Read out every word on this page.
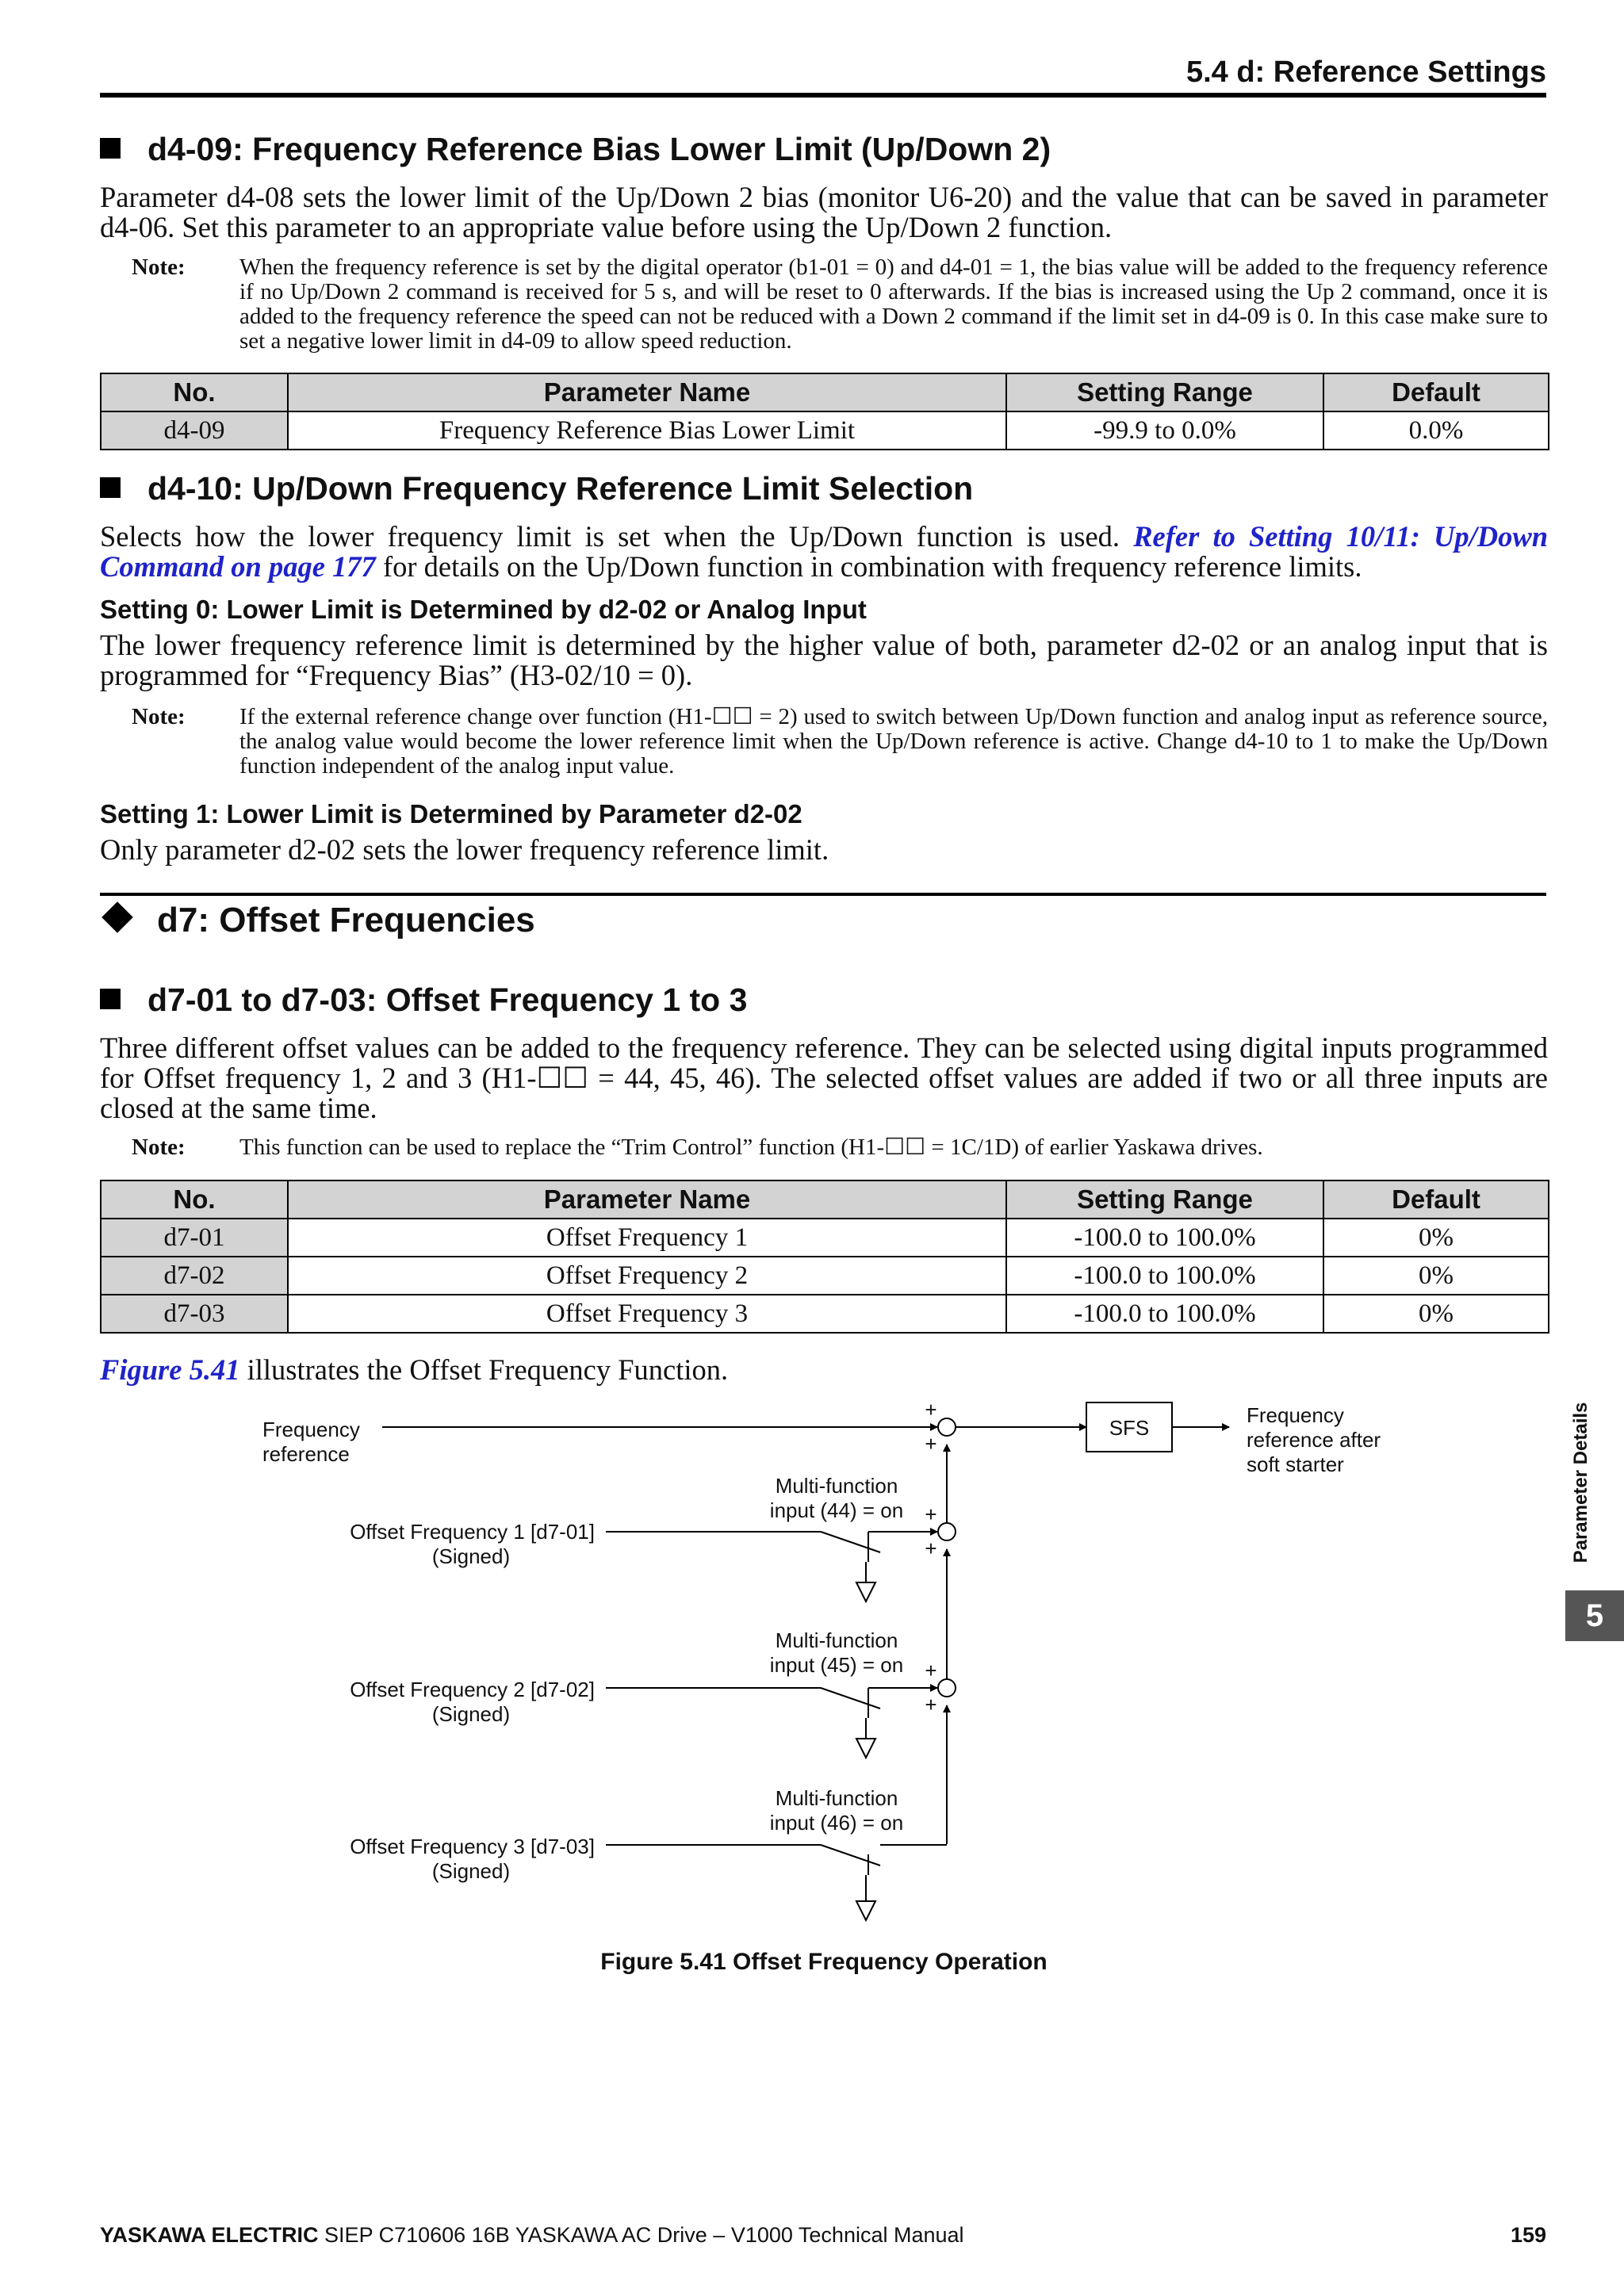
5.4 d: Reference Settings
d4-09: Frequency Reference Bias Lower Limit (Up/Down 2)
Parameter d4-08 sets the lower limit of the Up/Down 2 bias (monitor U6-20) and the value that can be saved in parameter d4-06. Set this parameter to an appropriate value before using the Up/Down 2 function.
Note: When the frequency reference is set by the digital operator (b1-01 = 0) and d4-01 = 1, the bias value will be added to the frequency reference if no Up/Down 2 command is received for 5 s, and will be reset to 0 afterwards. If the bias is increased using the Up 2 command, once it is added to the frequency reference the speed can not be reduced with a Down 2 command if the limit set in d4-09 is 0. In this case make sure to set a negative lower limit in d4-09 to allow speed reduction.
No.	Parameter Name	Setting Range	Default
d4-09	Frequency Reference Bias Lower Limit	-99.9 to 0.0%	0.0%
d4-10: Up/Down Frequency Reference Limit Selection
Selects how the lower frequency limit is set when the Up/Down function is used. Refer to Setting 10/11: Up/Down Command on page 177 for details on the Up/Down function in combination with frequency reference limits.
Setting 0: Lower Limit is Determined by d2-02 or Analog Input
The lower frequency reference limit is determined by the higher value of both, parameter d2-02 or an analog input that is programmed for “Frequency Bias” (H3-02/10 = 0).
Note: If the external reference change over function (H1-☐☐ = 2) used to switch between Up/Down function and analog input as reference source, the analog value would become the lower reference limit when the Up/Down reference is active. Change d4-10 to 1 to make the Up/Down function independent of the analog input value.
Setting 1: Lower Limit is Determined by Parameter d2-02
Only parameter d2-02 sets the lower frequency reference limit.
d7: Offset Frequencies
d7-01 to d7-03: Offset Frequency 1 to 3
Three different offset values can be added to the frequency reference. They can be selected using digital inputs programmed for Offset frequency 1, 2 and 3 (H1-☐☐ = 44, 45, 46). The selected offset values are added if two or all three inputs are closed at the same time.
Note: This function can be used to replace the “Trim Control” function (H1-☐☐ = 1C/1D) of earlier Yaskawa drives.
No.	Parameter Name	Setting Range	Default
d7-01	Offset Frequency 1	-100.0 to 100.0%	0%
d7-02	Offset Frequency 2	-100.0 to 100.0%	0%
d7-03	Offset Frequency 3	-100.0 to 100.0%	0%
Figure 5.41 illustrates the Offset Frequency Function.
Frequency
reference
SFS
Frequency
reference after
soft starter
+
+
+
+
+
+
Multi-function
input (44) = on
Offset Frequency 1 [d7-01]
(Signed)
Multi-function
input (45) = on
Offset Frequency 2 [d7-02]
(Signed)
Multi-function
input (46) = on
Offset Frequency 3 [d7-03]
(Signed)
Figure 5.41 Offset Frequency Operation
Parameter Details
5
YASKAWA ELECTRIC SIEP C710606 16B YASKAWA AC Drive – V1000 Technical Manual	159
